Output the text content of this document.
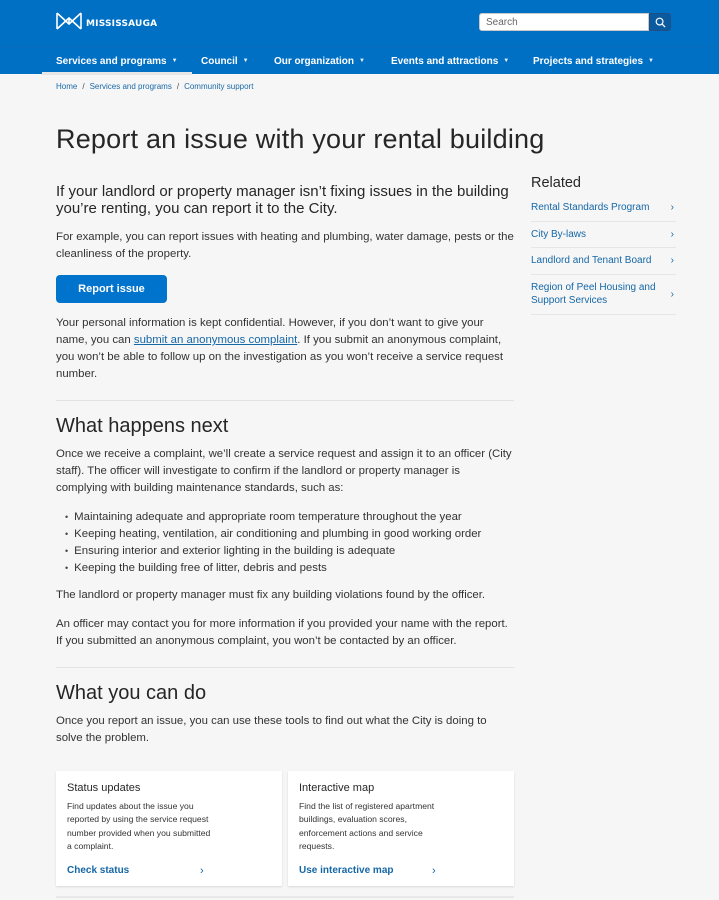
mississauga
Search
Services and programs ▼ Council ▼	Our organization ▼	Events and attractions ▼ Projects and strategies ▼
Home / Services and programs / Community support
Report an issue with your rental building

If your landlord or property manager isn’t fixing issues in the building you’re renting, you can report it to the City.

For example, you can report issues with heating and plumbing, water damage, pests or the cleanliness of the property.

Report issue

Your personal information is kept confidential. However, if you don’t want to give your name, you can submit an anonymous complaint. If you submit an anonymous complaint, you won’t be able to follow up on the investigation as you won’t receive a service request number.

What happens next

Once we receive a complaint, we’ll create a service request and assign it to an officer (City staff). The officer will investigate to confirm if the landlord or property manager is complying with building maintenance standards, such as:

• Maintaining adequate and appropriate room temperature throughout the year
• Keeping heating, ventilation, air conditioning and plumbing in good working order
• Ensuring interior and exterior lighting in the building is adequate
• Keeping the building free of litter, debris and pests

The landlord or property manager must fix any building violations found by the officer.

An officer may contact you for more information if you provided your name with the report. If you submitted an anonymous complaint, you won’t be contacted by an officer.

What you can do

Once you report an issue, you can use these tools to find out what the City is doing to solve the problem.

Status updates

Find updates about the issue you reported by using the service request number provided when you submitted a complaint.

Check status	›
Interactive map

Find the list of registered apartment buildings, evaluation scores, enforcement actions and service requests.

Use interactive map	›
Related
Rental Standards Program	›
City By-laws	›
Landlord and Tenant Board	›
Region of Peel Housing and Support Services
›
